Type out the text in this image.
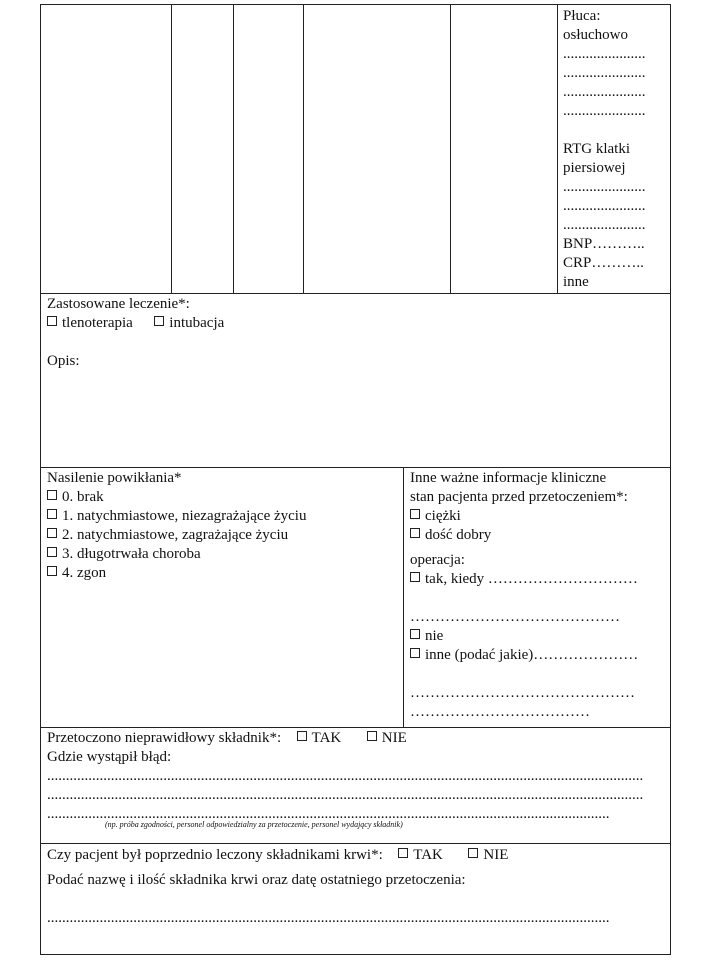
Płuca:
osłuchowo
......................
......................
......................
......................
RTG klatki
piersiowej
......................
......................
......................
BNP………..
CRP………..
inne
Zastosowane leczenie*:
tlenoterapia intubacja
Opis:
Nasilenie powikłania*
0. brak
1. natychmiastowe, niezagrażające życiu
2. natychmiastowe, zagrażające życiu
3. długotrwała choroba
4. zgon
Inne ważne informacje kliniczne
stan pacjenta przed przetoczeniem*:
ciężki
dość dobry
operacja:
tak, kiedy …………………………
……………………………………
nie
inne (podać jakie)…………………
………………………………………
………………………………
Przetoczono nieprawidłowy składnik*: TAK	NIE
Gdzie wystąpił błąd:
...............................................................................................................................................................
...............................................................................................................................................................
......................................................................................................................................................
(np. próba zgodności, personel odpowiedzialny za przetoczenie, personel wydający składnik)
Czy pacjent był poprzednio leczony składnikami krwi*: TAK	NIE
Podać nazwę i ilość składnika krwi oraz datę ostatniego przetoczenia:
......................................................................................................................................................
